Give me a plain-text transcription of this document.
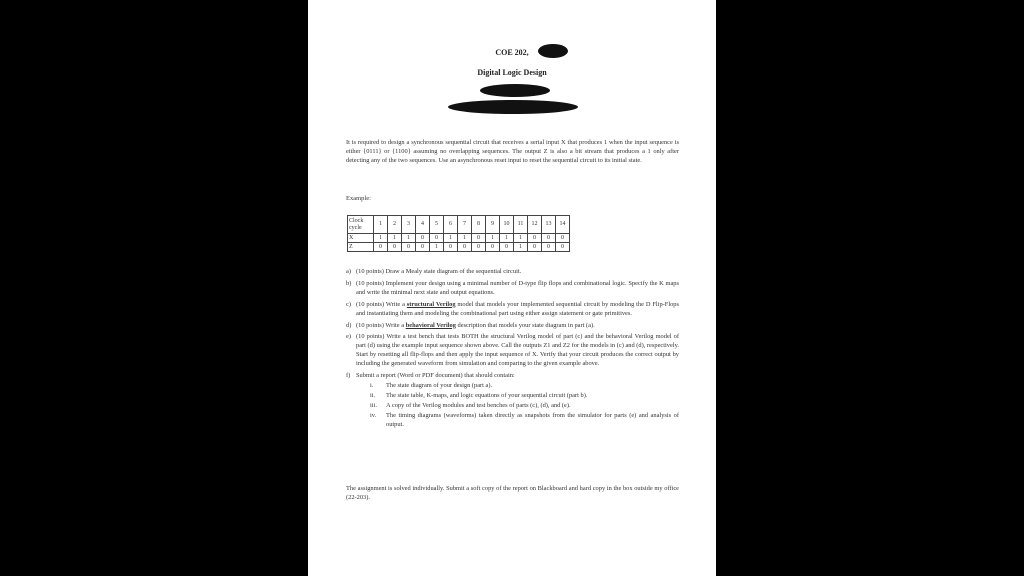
COE 202,
Digital Logic Design
It is required to design a synchronous sequential circuit that receives a serial input X that produces 1 when the input sequence is either {0111} or {1100} assuming no overlapping sequences. The output Z is also a bit stream that produces a 1 only after detecting any of the two sequences. Use an asynchronous reset input to reset the sequential circuit to its initial state.
Example:
Clock cycle	1	2	3	4	5	6	7	8	9	10	11	12	13	14
X	1	1	1	0	0	1	1	0	1	1	1	0	0	0
Z	0	0	0	0	1	0	0	0	0	0	1	0	0	0
a) (10 points) Draw a Mealy state diagram of the sequential circuit.
b) (10 points) Implement your design using a minimal number of D-type flip flops and combinational logic. Specify the K maps and write the minimal next state and output equations.
c) (10 points) Write a structural Verilog model that models your implemented sequential circuit by modeling the D Flip-Flops and instantiating them and modeling the combinational part using either assign statement or gate primitives.
d) (10 points) Write a behavioral Verilog description that models your state diagram in part (a).
e) (10 points) Write a test bench that tests BOTH the structural Verilog model of part (c) and the behavioral Verilog model of part (d) using the example input sequence shown above. Call the outputs Z1 and Z2 for the models in (c) and (d), respectively. Start by resetting all flip-flops and then apply the input sequence of X. Verify that your circuit produces the correct output by including the generated waveform from simulation and comparing to the given example above.
f) Submit a report (Word or PDF document) that should contain:
i.	The state diagram of your design (part a).
ii.	The state table, K-maps, and logic equations of your sequential circuit (part b).
iii.	A copy of the Verilog modules and test benches of parts (c), (d), and (e).
iv.	The timing diagrams (waveforms) taken directly as snapshots from the simulator for parts (e) and analysis of output.
The assignment is solved individually. Submit a soft copy of the report on Blackboard and hard copy in the box outside my office (22-203).
